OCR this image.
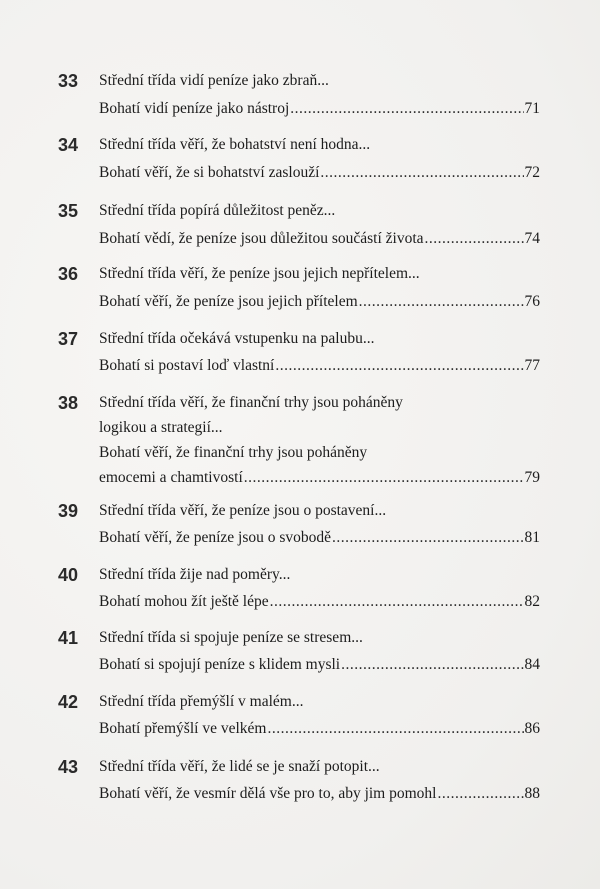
33	Střední třída vidí peníze jako zbraň...
Bohatí vidí peníze jako nástroj .....	71
34	Střední třída věří, že bohatství není hodna...
Bohatí věří, že si bohatství zaslouží .....	72
35	Střední třída popírá důležitost peněz...
Bohatí vědí, že peníze jsou důležitou součástí života .....	74
36	Střední třída věří, že peníze jsou jejich nepřítelem...
Bohatí věří, že peníze jsou jejich přítelem .....	76
37	Střední třída očekává vstupenku na palubu...
Bohatí si postaví loď vlastní .....	77
38	Střední třída věří, že finanční trhy jsou poháněny
logikou a strategií...
Bohatí věří, že finanční trhy jsou poháněny
emocemi a chamtivostí .....	79
39	Střední třída věří, že peníze jsou o postavení...
Bohatí věří, že peníze jsou o svobodě .....	81
40	Střední třída žije nad poměry...
Bohatí mohou žít ještě lépe .....	82
41	Střední třída si spojuje peníze se stresem...
Bohatí si spojují peníze s klidem mysli .....	84
42	Střední třída přemýšlí v malém...
Bohatí přemýšlí ve velkém .....	86
43	Střední třída věří, že lidé se je snaží potopit...
Bohatí věří, že vesmír dělá vše pro to, aby jim pomohl .....	88
